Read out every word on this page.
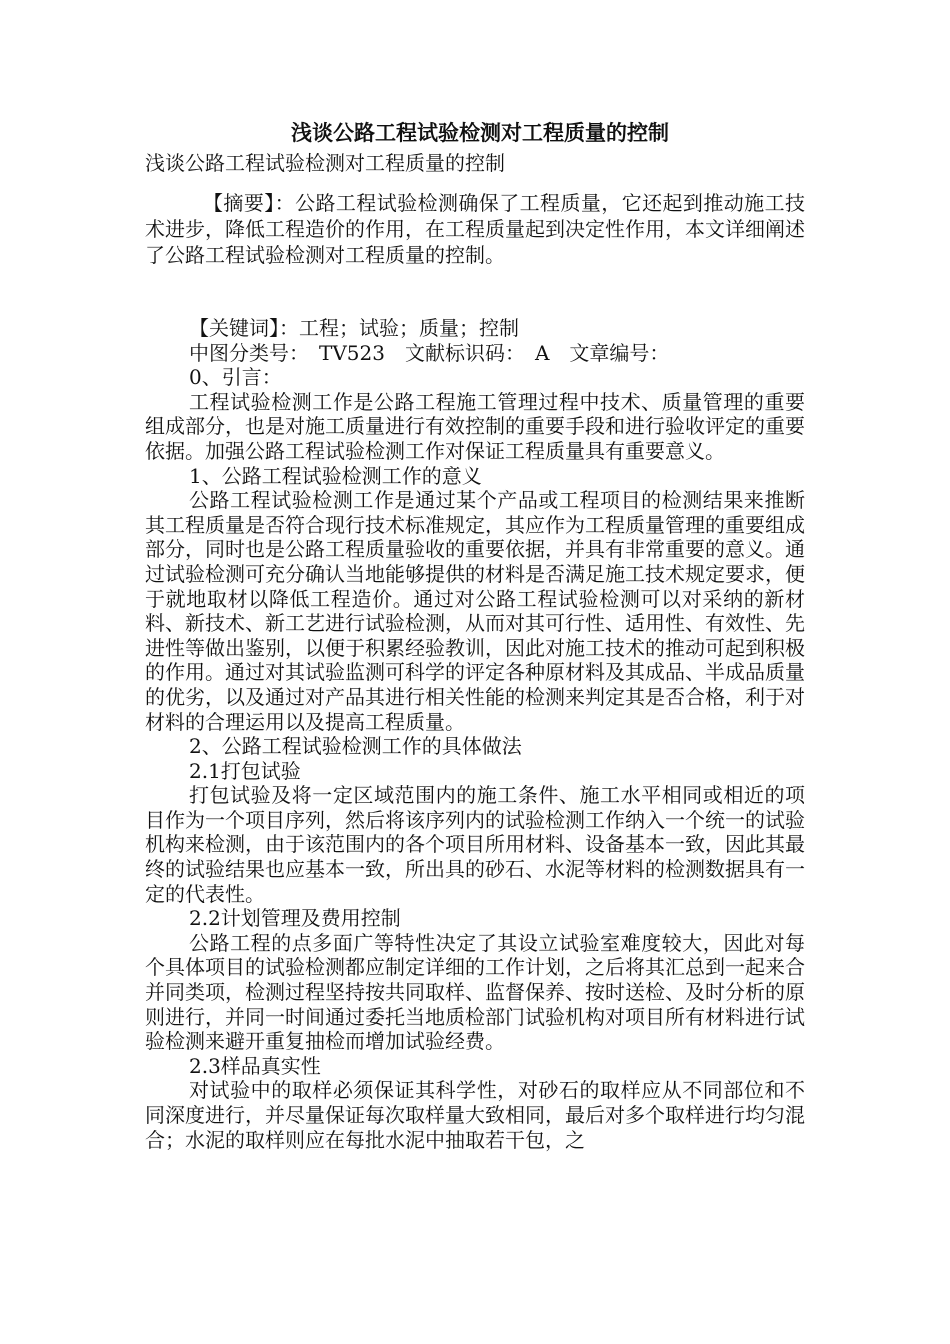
浅谈公路工程试验检测对工程质量的控制

浅谈公路工程试验检测对工程质量的控制

【摘要】：公路工程试验检测确保了工程质量，它还起到推动施工技术进步，降低工程造价的作用，在工程质量起到决定性作用，本文详细阐述了公路工程试验检测对工程质量的控制。

【关键词】：工程；试验；质量；控制

中图分类号：　TV523　文献标识码：　A　文章编号：

0、引言：

工程试验检测工作是公路工程施工管理过程中技术、质量管理的重要组成部分，也是对施工质量进行有效控制的重要手段和进行验收评定的重要依据。加强公路工程试验检测工作对保证工程质量具有重要意义。

1、公路工程试验检测工作的意义

公路工程试验检测工作是通过某个产品或工程项目的检测结果来推断其工程质量是否符合现行技术标准规定，其应作为工程质量管理的重要组成部分，同时也是公路工程质量验收的重要依据，并具有非常重要的意义。通过试验检测可充分确认当地能够提供的材料是否满足施工技术规定要求，便于就地取材以降低工程造价。通过对公路工程试验检测可以对采纳的新材料、新技术、新工艺进行试验检测，从而对其可行性、适用性、有效性、先进性等做出鉴别，以便于积累经验教训，因此对施工技术的推动可起到积极的作用。通过对其试验监测可科学的评定各种原材料及其成品、半成品质量的优劣，以及通过对产品其进行相关性能的检测来判定其是否合格，利于对材料的合理运用以及提高工程质量。

2、公路工程试验检测工作的具体做法

2.1打包试验

打包试验及将一定区域范围内的施工条件、施工水平相同或相近的项目作为一个项目序列，然后将该序列内的试验检测工作纳入一个统一的试验机构来检测，由于该范围内的各个项目所用材料、设备基本一致，因此其最终的试验结果也应基本一致，所出具的砂石、水泥等材料的检测数据具有一定的代表性。

2.2计划管理及费用控制

公路工程的点多面广等特性决定了其设立试验室难度较大，因此对每个具体项目的试验检测都应制定详细的工作计划，之后将其汇总到一起来合并同类项，检测过程坚持按共同取样、监督保养、按时送检、及时分析的原则进行，并同一时间通过委托当地质检部门试验机构对项目所有材料进行试验检测来避开重复抽检而增加试验经费。

2.3样品真实性

对试验中的取样必须保证其科学性，对砂石的取样应从不同部位和不同深度进行，并尽量保证每次取样量大致相同，最后对多个取样进行均匀混合；水泥的取样则应在每批水泥中抽取若干包，之
